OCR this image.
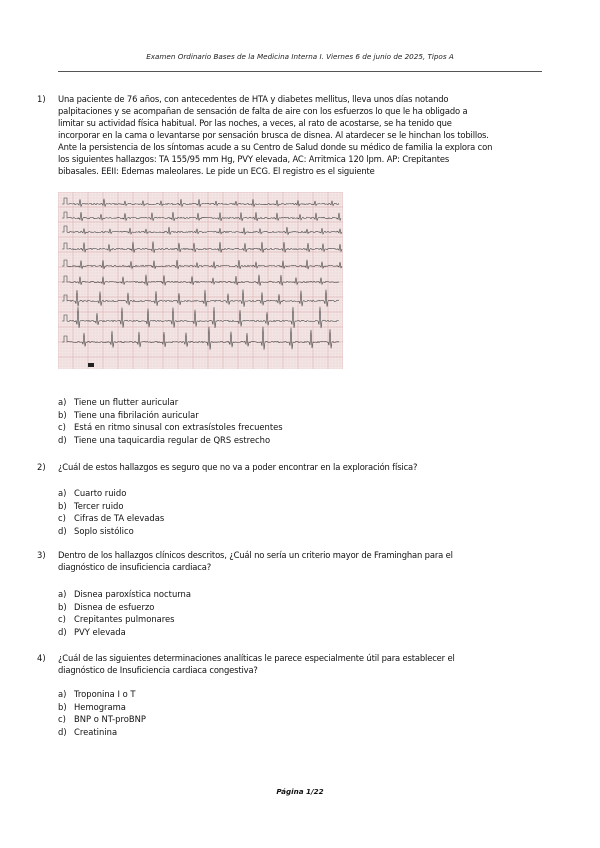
Examen Ordinario Bases de la Medicina Interna I. Viernes 6 de junio de 2025, Tipos A
1) Una paciente de 76 años, con antecedentes de HTA y diabetes mellitus, lleva unos días notando
palpitaciones y se acompañan de sensación de falta de aire con los esfuerzos lo que le ha obligado a
limitar su actividad física habitual. Por las noches, a veces, al rato de acostarse, se ha tenido que
incorporar en la cama o levantarse por sensación brusca de disnea. Al atardecer se le hinchan los tobillos.
Ante la persistencia de los síntomas acude a su Centro de Salud donde su médico de familia la explora con
los siguientes hallazgos: TA 155/95 mm Hg, PVY elevada, AC: Arritmica 120 lpm. AP: Crepitantes
bibasales. EEII: Edemas maleolares. Le pide un ECG. El registro es el siguiente
a) Tiene un flutter auricular
b) Tiene una fibrilación auricular
c) Está en ritmo sinusal con extrasístoles frecuentes
d) Tiene una taquicardia regular de QRS estrecho
2) ¿Cuál de estos hallazgos es seguro que no va a poder encontrar en la exploración física?
a) Cuarto ruido
b) Tercer ruido
c) Cifras de TA elevadas
d) Soplo sistólico
3) Dentro de los hallazgos clínicos descritos, ¿Cuál no sería un criterio mayor de Framinghan para el
diagnóstico de insuficiencia cardiaca?
a) Disnea paroxística nocturna
b) Disnea de esfuerzo
c) Crepitantes pulmonares
d) PVY elevada
4) ¿Cuál de las siguientes determinaciones analíticas le parece especialmente útil para establecer el
diagnóstico de Insuficiencia cardiaca congestiva?
a) Troponina I o T
b) Hemograma
c) BNP o NT-proBNP
d) Creatinina
Página 1/22
